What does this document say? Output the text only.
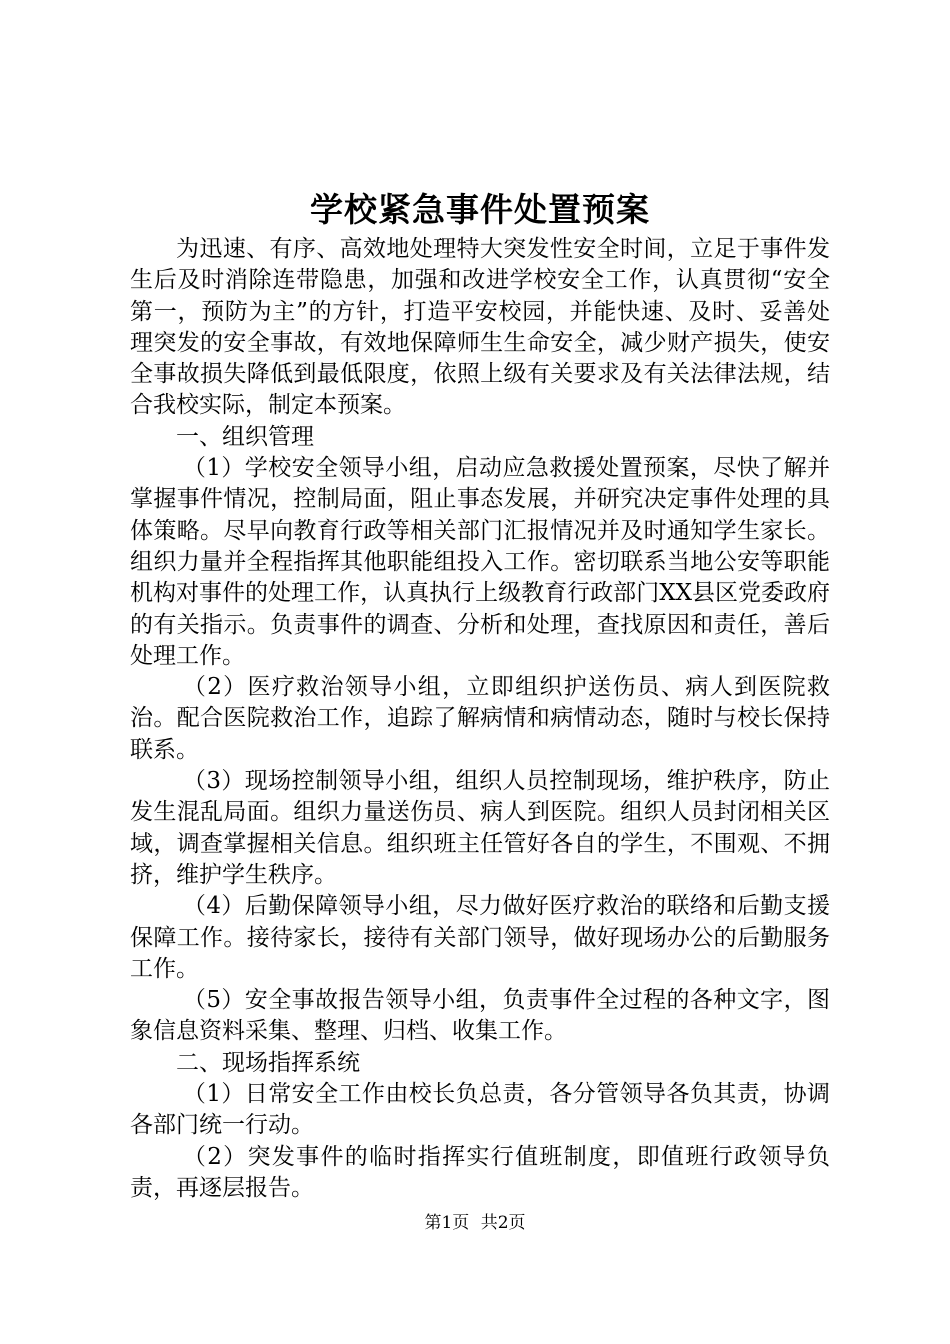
学校紧急事件处置预案

为迅速、有序、高效地处理特大突发性安全时间，立足于事件发生后及时消除连带隐患，加强和改进学校安全工作，认真贯彻“安全第一，预防为主”的方针，打造平安校园，并能快速、及时、妥善处理突发的安全事故，有效地保障师生生命安全，减少财产损失，使安全事故损失降低到最低限度，依照上级有关要求及有关法律法规，结合我校实际，制定本预案。

一、组织管理

（1）学校安全领导小组，启动应急救援处置预案，尽快了解并掌握事件情况，控制局面，阻止事态发展，并研究决定事件处理的具体策略。尽早向教育行政等相关部门汇报情况并及时通知学生家长。组织力量并全程指挥其他职能组投入工作。密切联系当地公安等职能机构对事件的处理工作，认真执行上级教育行政部门XX县区党委政府的有关指示。负责事件的调查、分析和处理，查找原因和责任，善后处理工作。

（2）医疗救治领导小组，立即组织护送伤员、病人到医院救治。配合医院救治工作，追踪了解病情和病情动态，随时与校长保持联系。

（3）现场控制领导小组，组织人员控制现场，维护秩序，防止发生混乱局面。组织力量送伤员、病人到医院。组织人员封闭相关区域，调查掌握相关信息。组织班主任管好各自的学生，不围观、不拥挤，维护学生秩序。

（4）后勤保障领导小组，尽力做好医疗救治的联络和后勤支援保障工作。接待家长，接待有关部门领导，做好现场办公的后勤服务工作。

（5）安全事故报告领导小组，负责事件全过程的各种文字，图象信息资料采集、整理、归档、收集工作。

二、现场指挥系统

（1）日常安全工作由校长负总责，各分管领导各负其责，协调各部门统一行动。

（2）突发事件的临时指挥实行值班制度，即值班行政领导负责，再逐层报告。

第1页 共2页
